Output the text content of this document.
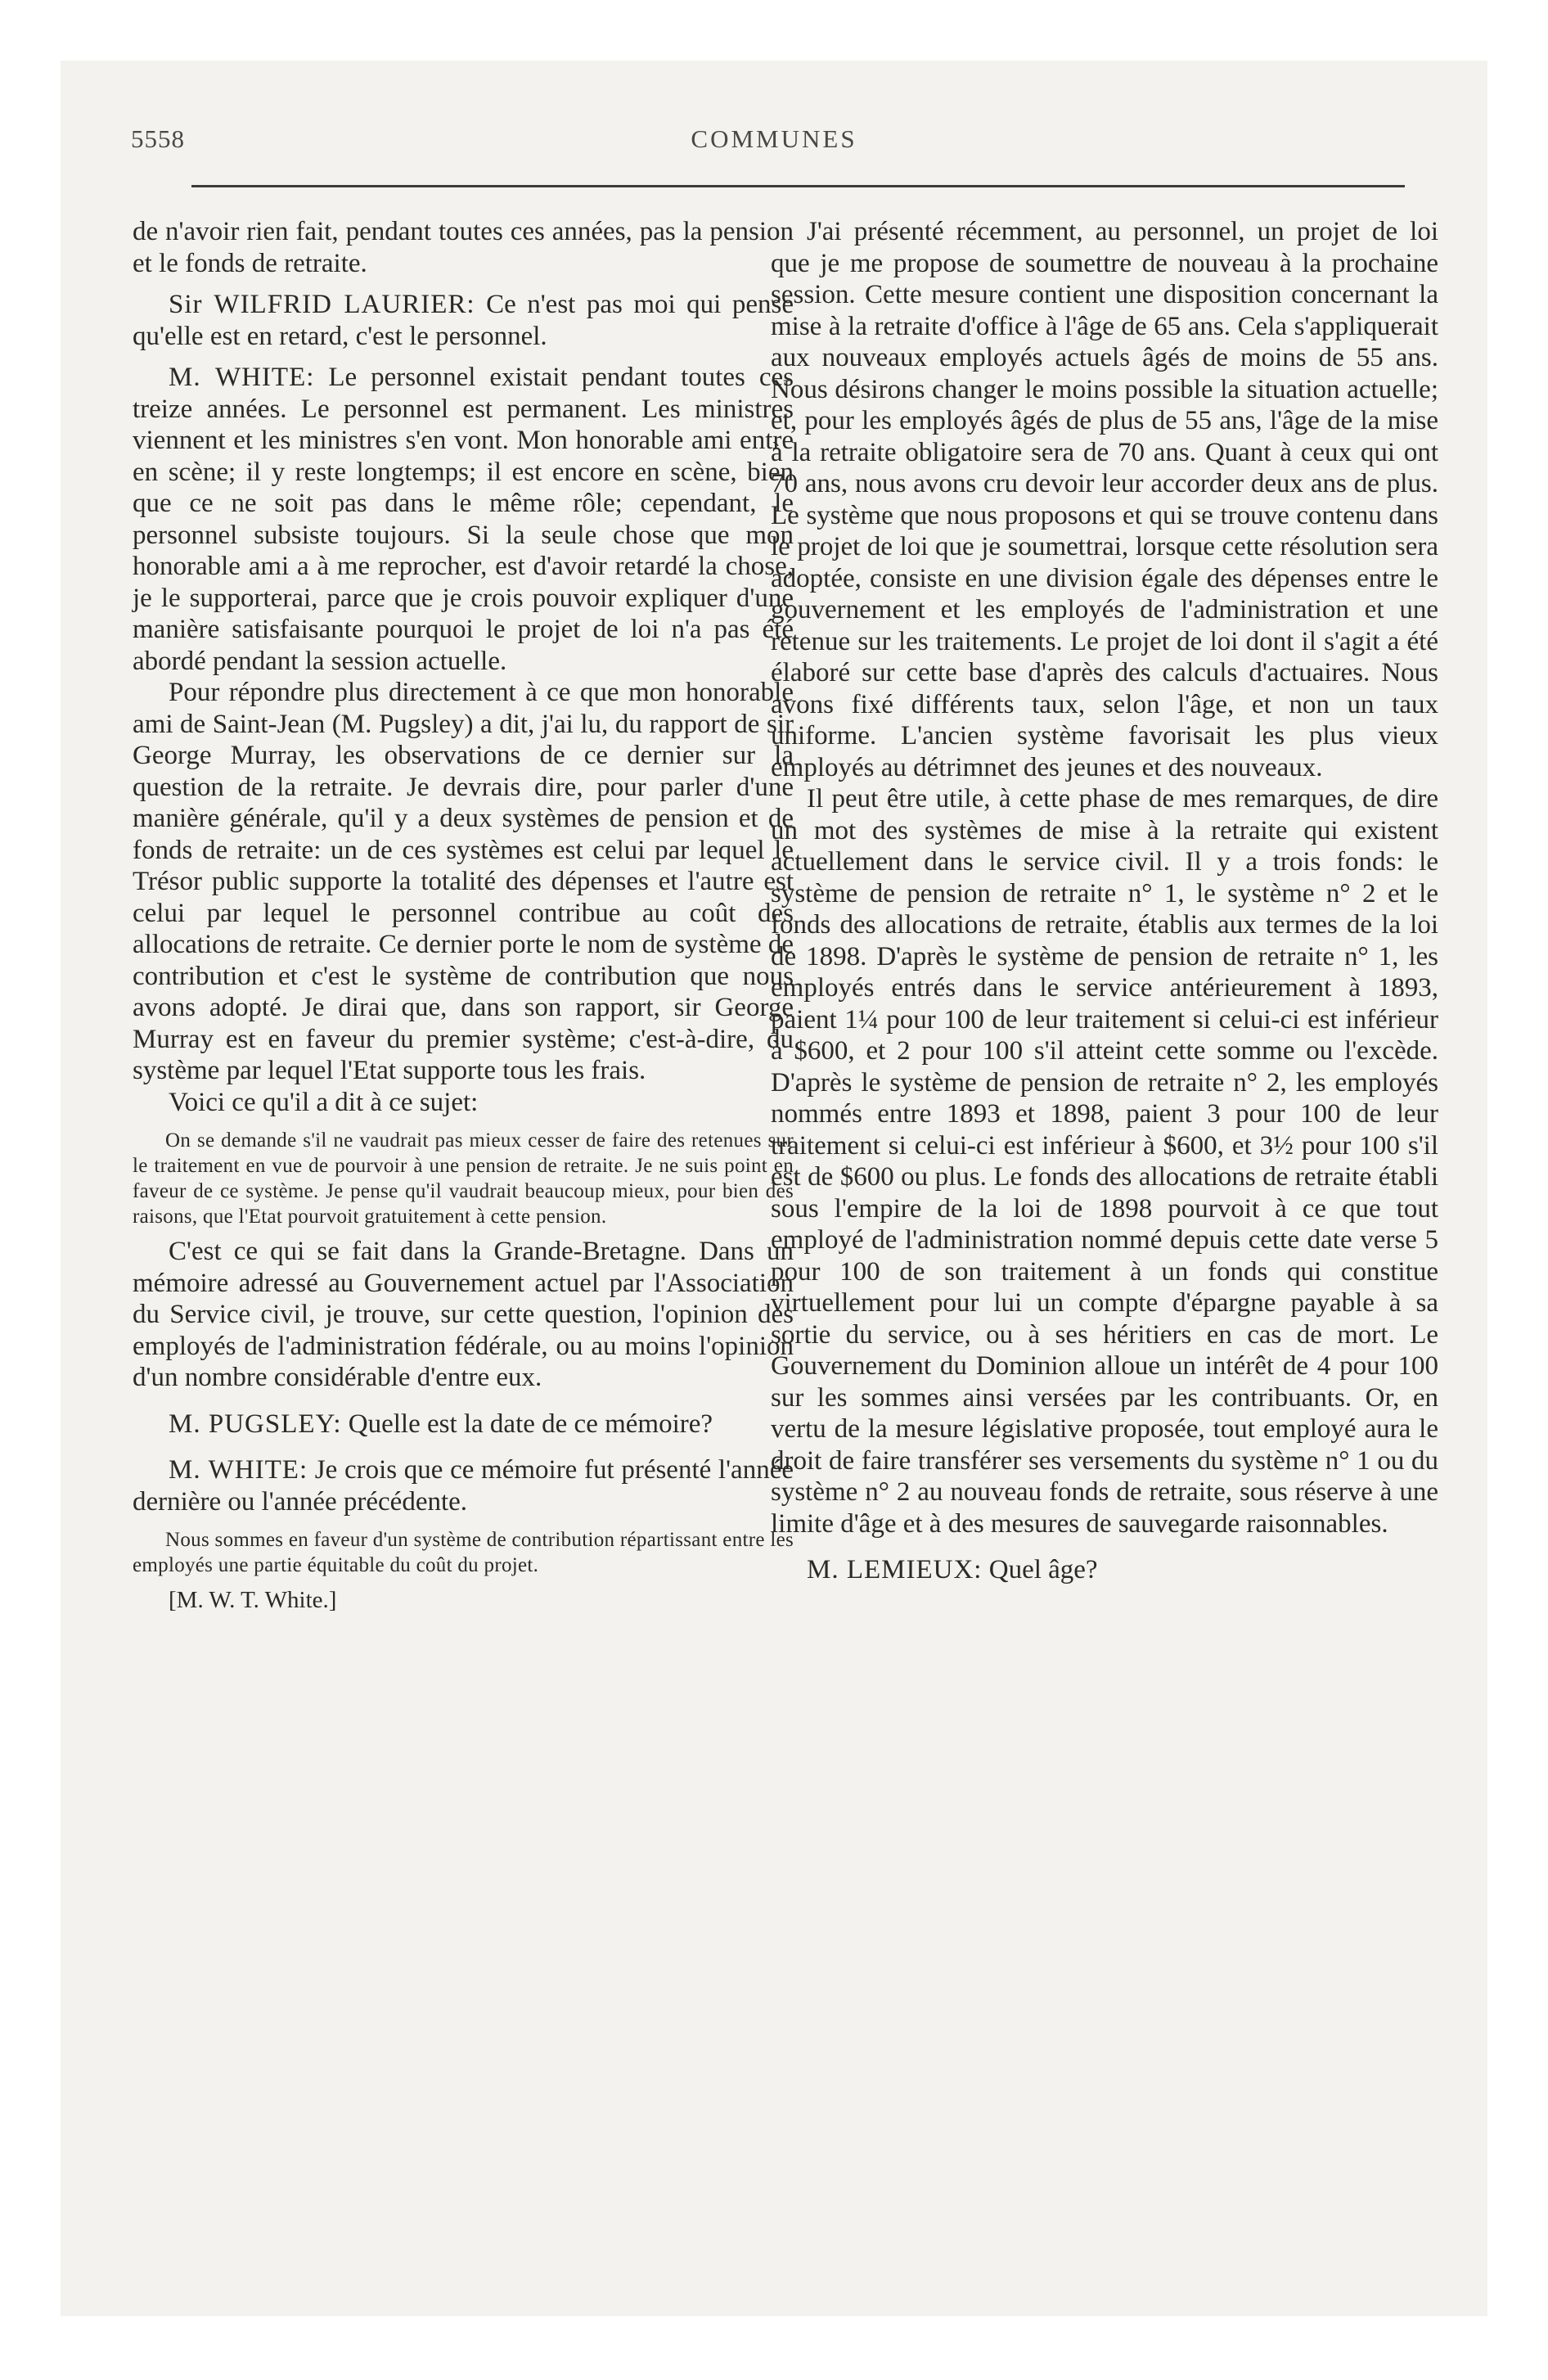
5558	COMMUNES

de n'avoir rien fait, pendant toutes ces années, pas la pension et le fonds de retraite.

Sir WILFRID LAURIER: Ce n'est pas moi qui pense qu'elle est en retard, c'est le personnel.

M. WHITE: Le personnel existait pendant toutes ces treize années. Le personnel est permanent. Les ministres viennent et les ministres s'en vont. Mon honorable ami entre en scène; il y reste longtemps; il est encore en scène, bien que ce ne soit pas dans le même rôle; cependant, le personnel subsiste toujours. Si la seule chose que mon honorable ami a à me reprocher, est d'avoir retardé la chose, je le supporterai, parce que je crois pouvoir expliquer d'une manière satisfaisante pourquoi le projet de loi n'a pas été abordé pendant la session actuelle.

Pour répondre plus directement à ce que mon honorable ami de Saint-Jean (M. Pugsley) a dit, j'ai lu, du rapport de sir George Murray, les observations de ce dernier sur la question de la retraite. Je devrais dire, pour parler d'une manière générale, qu'il y a deux systèmes de pension et de fonds de retraite: un de ces systèmes est celui par lequel le Trésor public supporte la totalité des dépenses et l'autre est celui par lequel le personnel contribue au coût des allocations de retraite. Ce dernier porte le nom de système de contribution et c'est le système de contribution que nous avons adopté. Je dirai que, dans son rapport, sir George Murray est en faveur du premier système; c'est-à-dire, du système par lequel l'Etat supporte tous les frais.

Voici ce qu'il a dit à ce sujet:

On se demande s'il ne vaudrait pas mieux cesser de faire des retenues sur le traitement en vue de pourvoir à une pension de retraite. Je ne suis point en faveur de ce système. Je pense qu'il vaudrait beaucoup mieux, pour bien des raisons, que l'Etat pourvoit gratuitement à cette pension.

C'est ce qui se fait dans la Grande-Bretagne. Dans un mémoire adressé au Gouvernement actuel par l'Association du Service civil, je trouve, sur cette question, l'opinion des employés de l'administration fédérale, ou au moins l'opinion d'un nombre considérable d'entre eux.

M. PUGSLEY: Quelle est la date de ce mémoire?

M. WHITE: Je crois que ce mémoire fut présenté l'année dernière ou l'année précédente.

Nous sommes en faveur d'un système de contribution répartissant entre les employés une partie équitable du coût du projet.

[M. W. T. White.]

J'ai présenté récemment, au personnel, un projet de loi que je me propose de soumettre de nouveau à la prochaine session. Cette mesure contient une disposition concernant la mise à la retraite d'office à l'âge de 65 ans. Cela s'appliquerait aux nouveaux employés actuels âgés de moins de 55 ans. Nous désirons changer le moins possible la situation actuelle; et, pour les employés âgés de plus de 55 ans, l'âge de la mise à la retraite obligatoire sera de 70 ans. Quant à ceux qui ont 70 ans, nous avons cru devoir leur accorder deux ans de plus. Le système que nous proposons et qui se trouve contenu dans le projet de loi que je soumettrai, lorsque cette résolution sera adoptée, consiste en une division égale des dépenses entre le gouvernement et les employés de l'administration et une retenue sur les traitements. Le projet de loi dont il s'agit a été élaboré sur cette base d'après des calculs d'actuaires. Nous avons fixé différents taux, selon l'âge, et non un taux uniforme. L'ancien système favorisait les plus vieux employés au détrimnet des jeunes et des nouveaux.

Il peut être utile, à cette phase de mes remarques, de dire un mot des systèmes de mise à la retraite qui existent actuellement dans le service civil. Il y a trois fonds: le système de pension de retraite n° 1, le système n° 2 et le fonds des allocations de retraite, établis aux termes de la loi de 1898. D'après le système de pension de retraite n° 1, les employés entrés dans le service antérieurement à 1893, paient 1¼ pour 100 de leur traitement si celui-ci est inférieur à $600, et 2 pour 100 s'il atteint cette somme ou l'excède. D'après le système de pension de retraite n° 2, les employés nommés entre 1893 et 1898, paient 3 pour 100 de leur traitement si celui-ci est inférieur à $600, et 3½ pour 100 s'il est de $600 ou plus. Le fonds des allocations de retraite établi sous l'empire de la loi de 1898 pourvoit à ce que tout employé de l'administration nommé depuis cette date verse 5 pour 100 de son traitement à un fonds qui constitue virtuellement pour lui un compte d'épargne payable à sa sortie du service, ou à ses héritiers en cas de mort. Le Gouvernement du Dominion alloue un intérêt de 4 pour 100 sur les sommes ainsi versées par les contribuants. Or, en vertu de la mesure législative proposée, tout employé aura le droit de faire transférer ses versements du système n° 1 ou du système n° 2 au nouveau fonds de retraite, sous réserve à une limite d'âge et à des mesures de sauvegarde raisonnables.

M. LEMIEUX: Quel âge?
